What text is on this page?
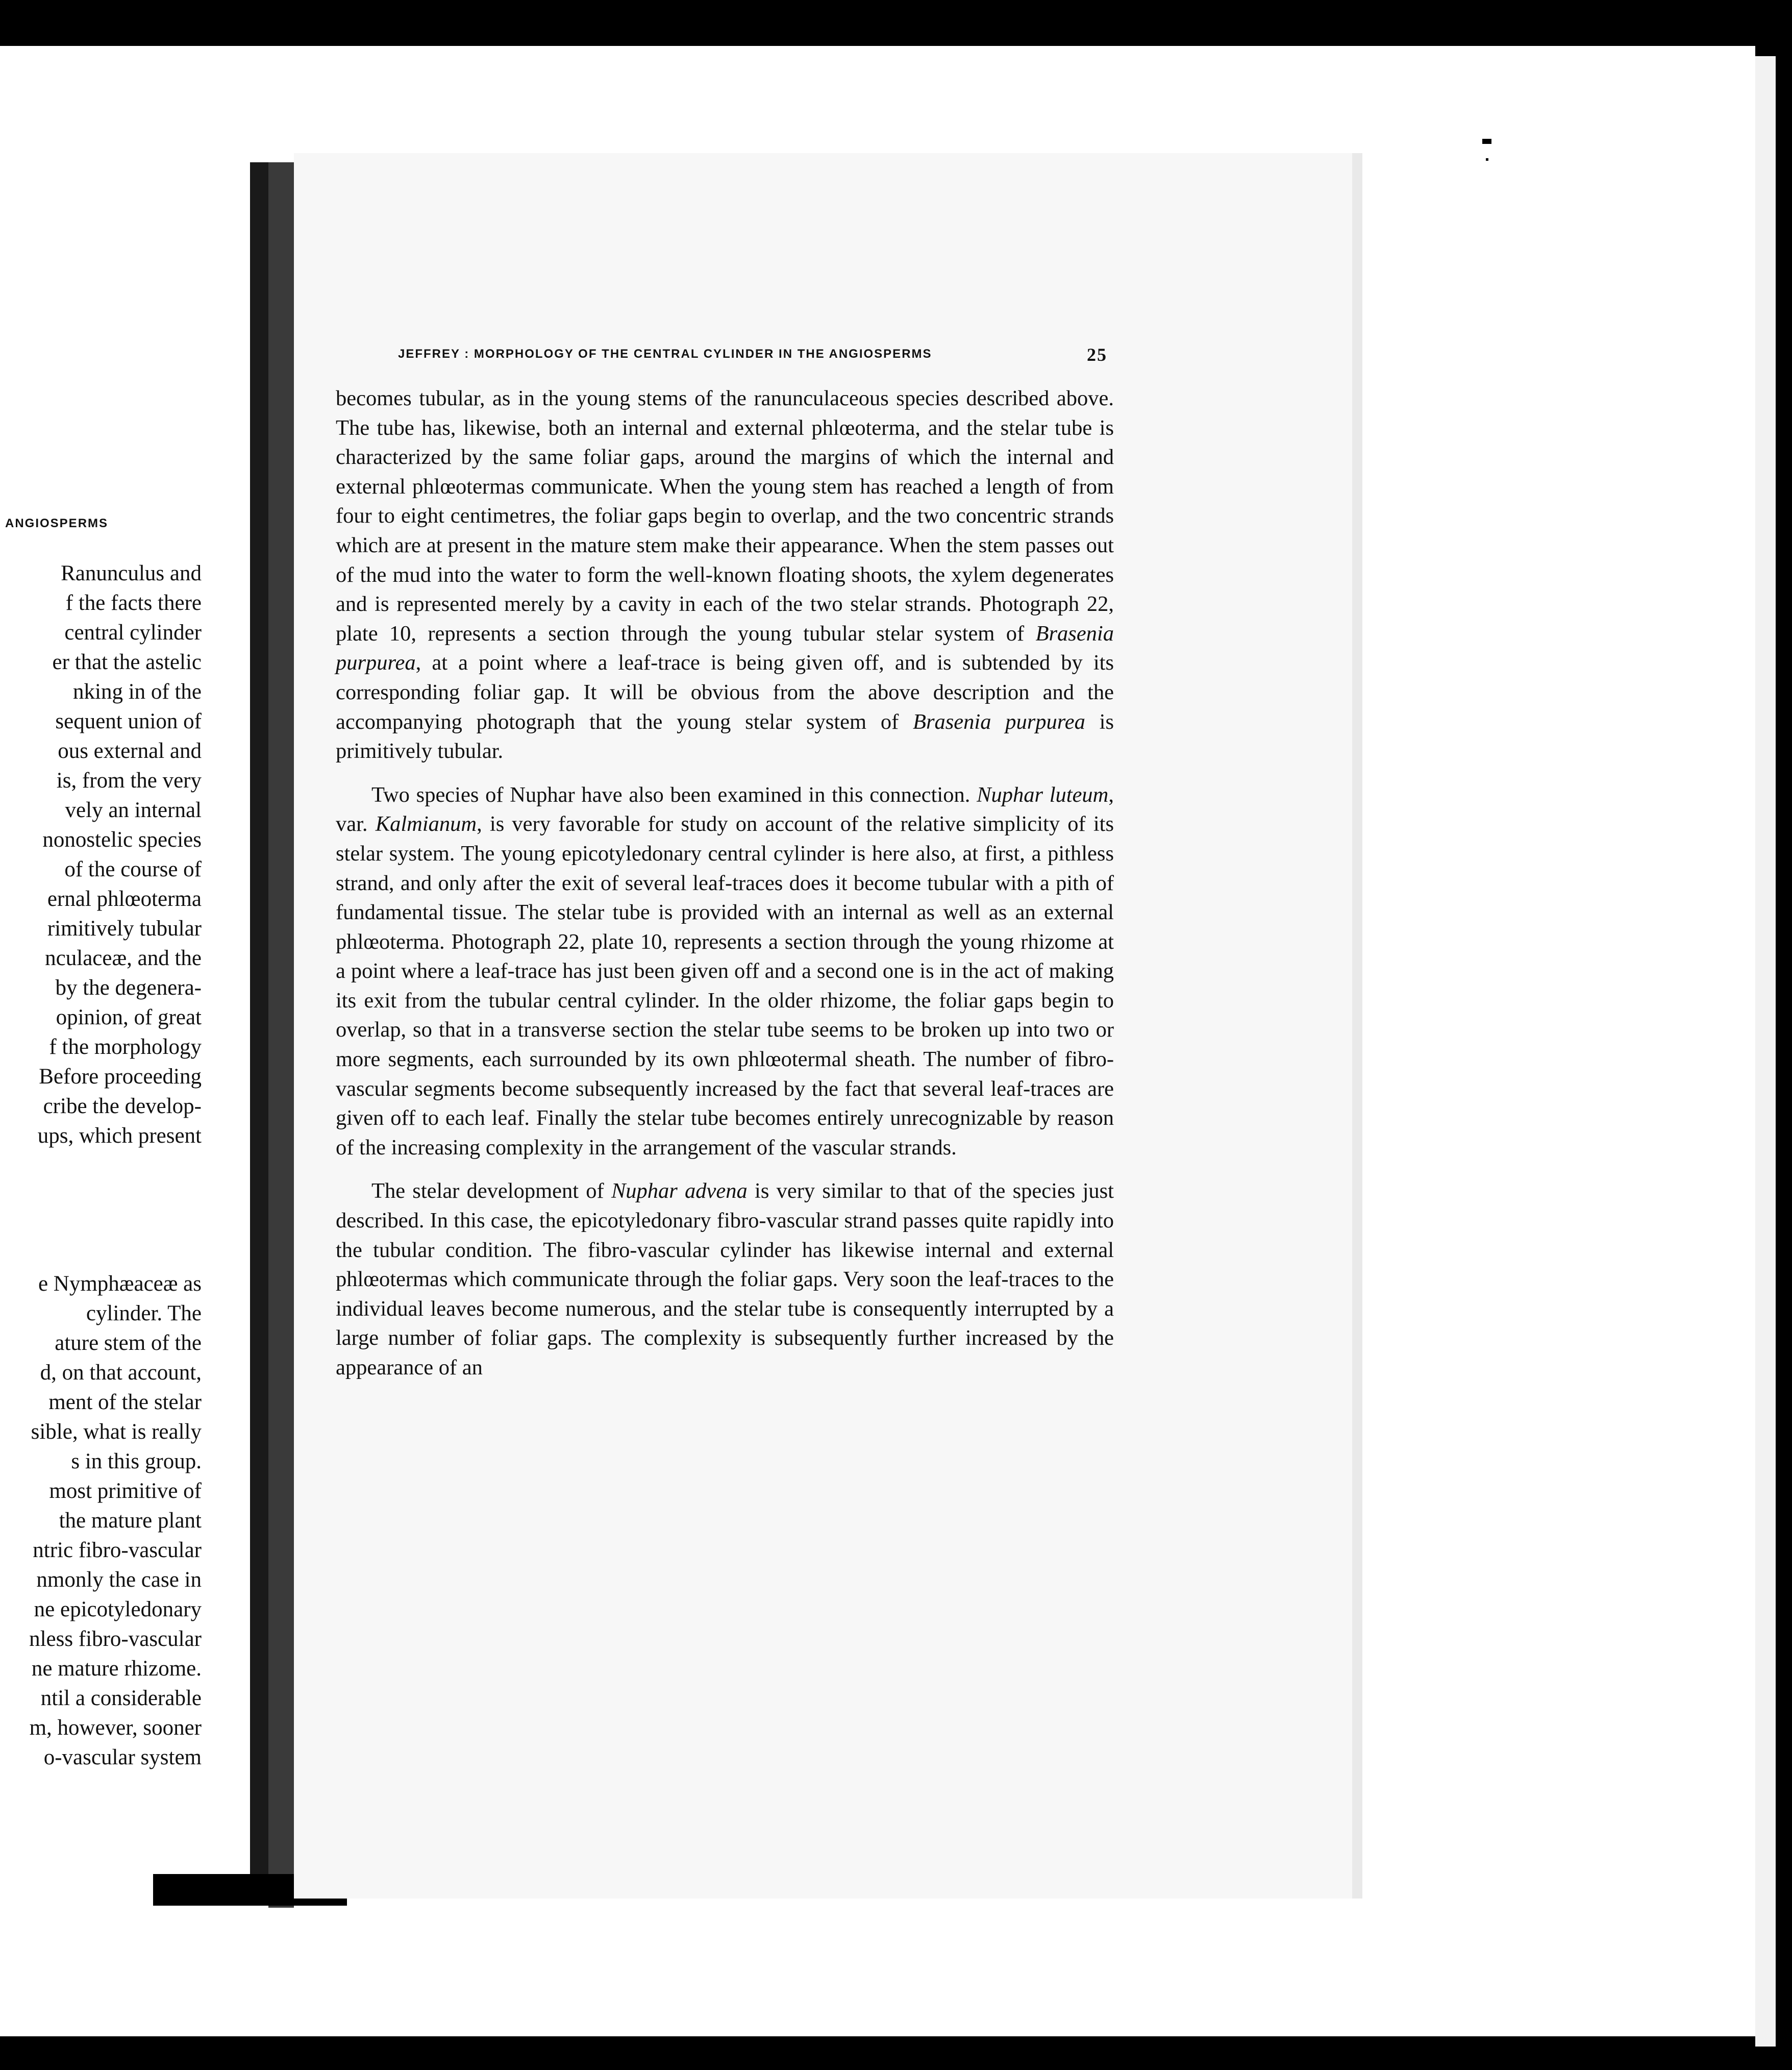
ANGIOSPERMS
Ranunculus and
f the facts there
central cylinder
er that the astelic
nking in of the
sequent union of
ous external and
is, from the very
vely an internal
nonostelic species
of the course of
ernal phlœoterma
rimitively tubular
nculaceæ, and the
by the degenera-
opinion, of great
f the morphology
Before proceeding
cribe the develop-
ups, which present
e Nymphæaceæ as
cylinder. The
ature stem of the
d, on that account,
ment of the stelar
sible, what is really
s in this group.
most primitive of
the mature plant
ntric fibro-vascular
nmonly the case in
ne epicotyledonary
nless fibro-vascular
ne mature rhizome.
ntil a considerable
m, however, sooner
o-vascular system
JEFFREY : MORPHOLOGY OF THE CENTRAL CYLINDER IN THE ANGIOSPERMS	25

becomes tubular, as in the young stems of the ranunculaceous species described above. The tube has, likewise, both an internal and external phlœoterma, and the stelar tube is characterized by the same foliar gaps, around the margins of which the internal and external phlœotermas communicate. When the young stem has reached a length of from four to eight centimetres, the foliar gaps begin to overlap, and the two concentric strands which are at present in the mature stem make their appearance. When the stem passes out of the mud into the water to form the well-known floating shoots, the xylem degenerates and is represented merely by a cavity in each of the two stelar strands. Photograph 22, plate 10, represents a section through the young tubular stelar system of Brasenia purpurea, at a point where a leaf-trace is being given off, and is subtended by its corresponding foliar gap. It will be obvious from the above description and the accompanying photograph that the young stelar system of Brasenia purpurea is primitively tubular.

Two species of Nuphar have also been examined in this connection. Nuphar luteum, var. Kalmianum, is very favorable for study on account of the relative simplicity of its stelar system. The young epicotyledonary central cylinder is here also, at first, a pithless strand, and only after the exit of several leaf-traces does it become tubular with a pith of fundamental tissue. The stelar tube is provided with an internal as well as an external phlœoterma. Photograph 22, plate 10, represents a section through the young rhizome at a point where a leaf-trace has just been given off and a second one is in the act of making its exit from the tubular central cylinder. In the older rhizome, the foliar gaps begin to overlap, so that in a transverse section the stelar tube seems to be broken up into two or more segments, each surrounded by its own phlœotermal sheath. The number of fibro-vascular segments become subsequently increased by the fact that several leaf-traces are given off to each leaf. Finally the stelar tube becomes entirely unrecognizable by reason of the increasing complexity in the arrangement of the vascular strands.

The stelar development of Nuphar advena is very similar to that of the species just described. In this case, the epicotyledonary fibro-vascular strand passes quite rapidly into the tubular condition. The fibro-vascular cylinder has likewise internal and external phlœotermas which communicate through the foliar gaps. Very soon the leaf-traces to the individual leaves become numerous, and the stelar tube is consequently interrupted by a large number of foliar gaps. The complexity is subsequently further increased by the appearance of an
